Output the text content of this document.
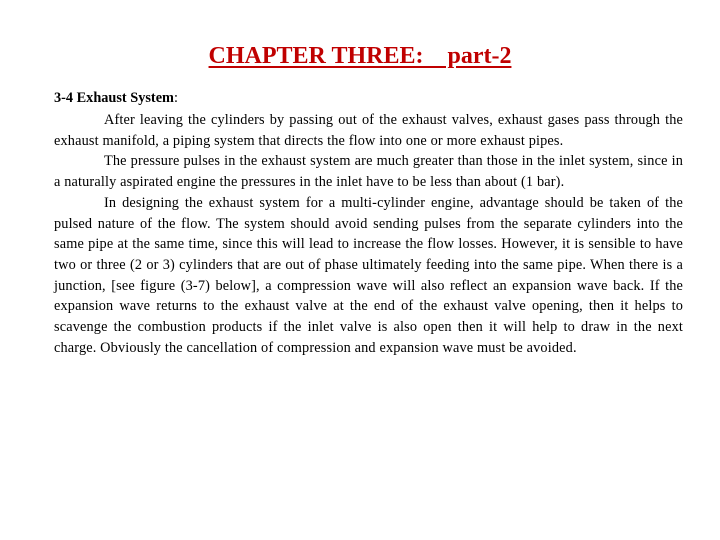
CHAPTER THREE:    part-2

3-4 Exhaust System:

After leaving the cylinders by passing out of the exhaust valves, exhaust gases pass through the exhaust manifold, a piping system that directs the flow into one or more exhaust pipes.

The pressure pulses in the exhaust system are much greater than those in the inlet system, since in a naturally aspirated engine the pressures in the inlet have to be less than about (1 bar).

In designing the exhaust system for a multi-cylinder engine, advantage should be taken of the pulsed nature of the flow. The system should avoid sending pulses from the separate cylinders into the same pipe at the same time, since this will lead to increase the flow losses. However, it is sensible to have two or three (2 or 3) cylinders that are out of phase ultimately feeding into the same pipe. When there is a junction, [see figure (3-7) below], a compression wave will also reflect an expansion wave back. If the expansion wave returns to the exhaust valve at the end of the exhaust valve opening, then it helps to scavenge the combustion products if the inlet valve is also open then it will help to draw in the next charge. Obviously the cancellation of compression and expansion wave must be avoided.
